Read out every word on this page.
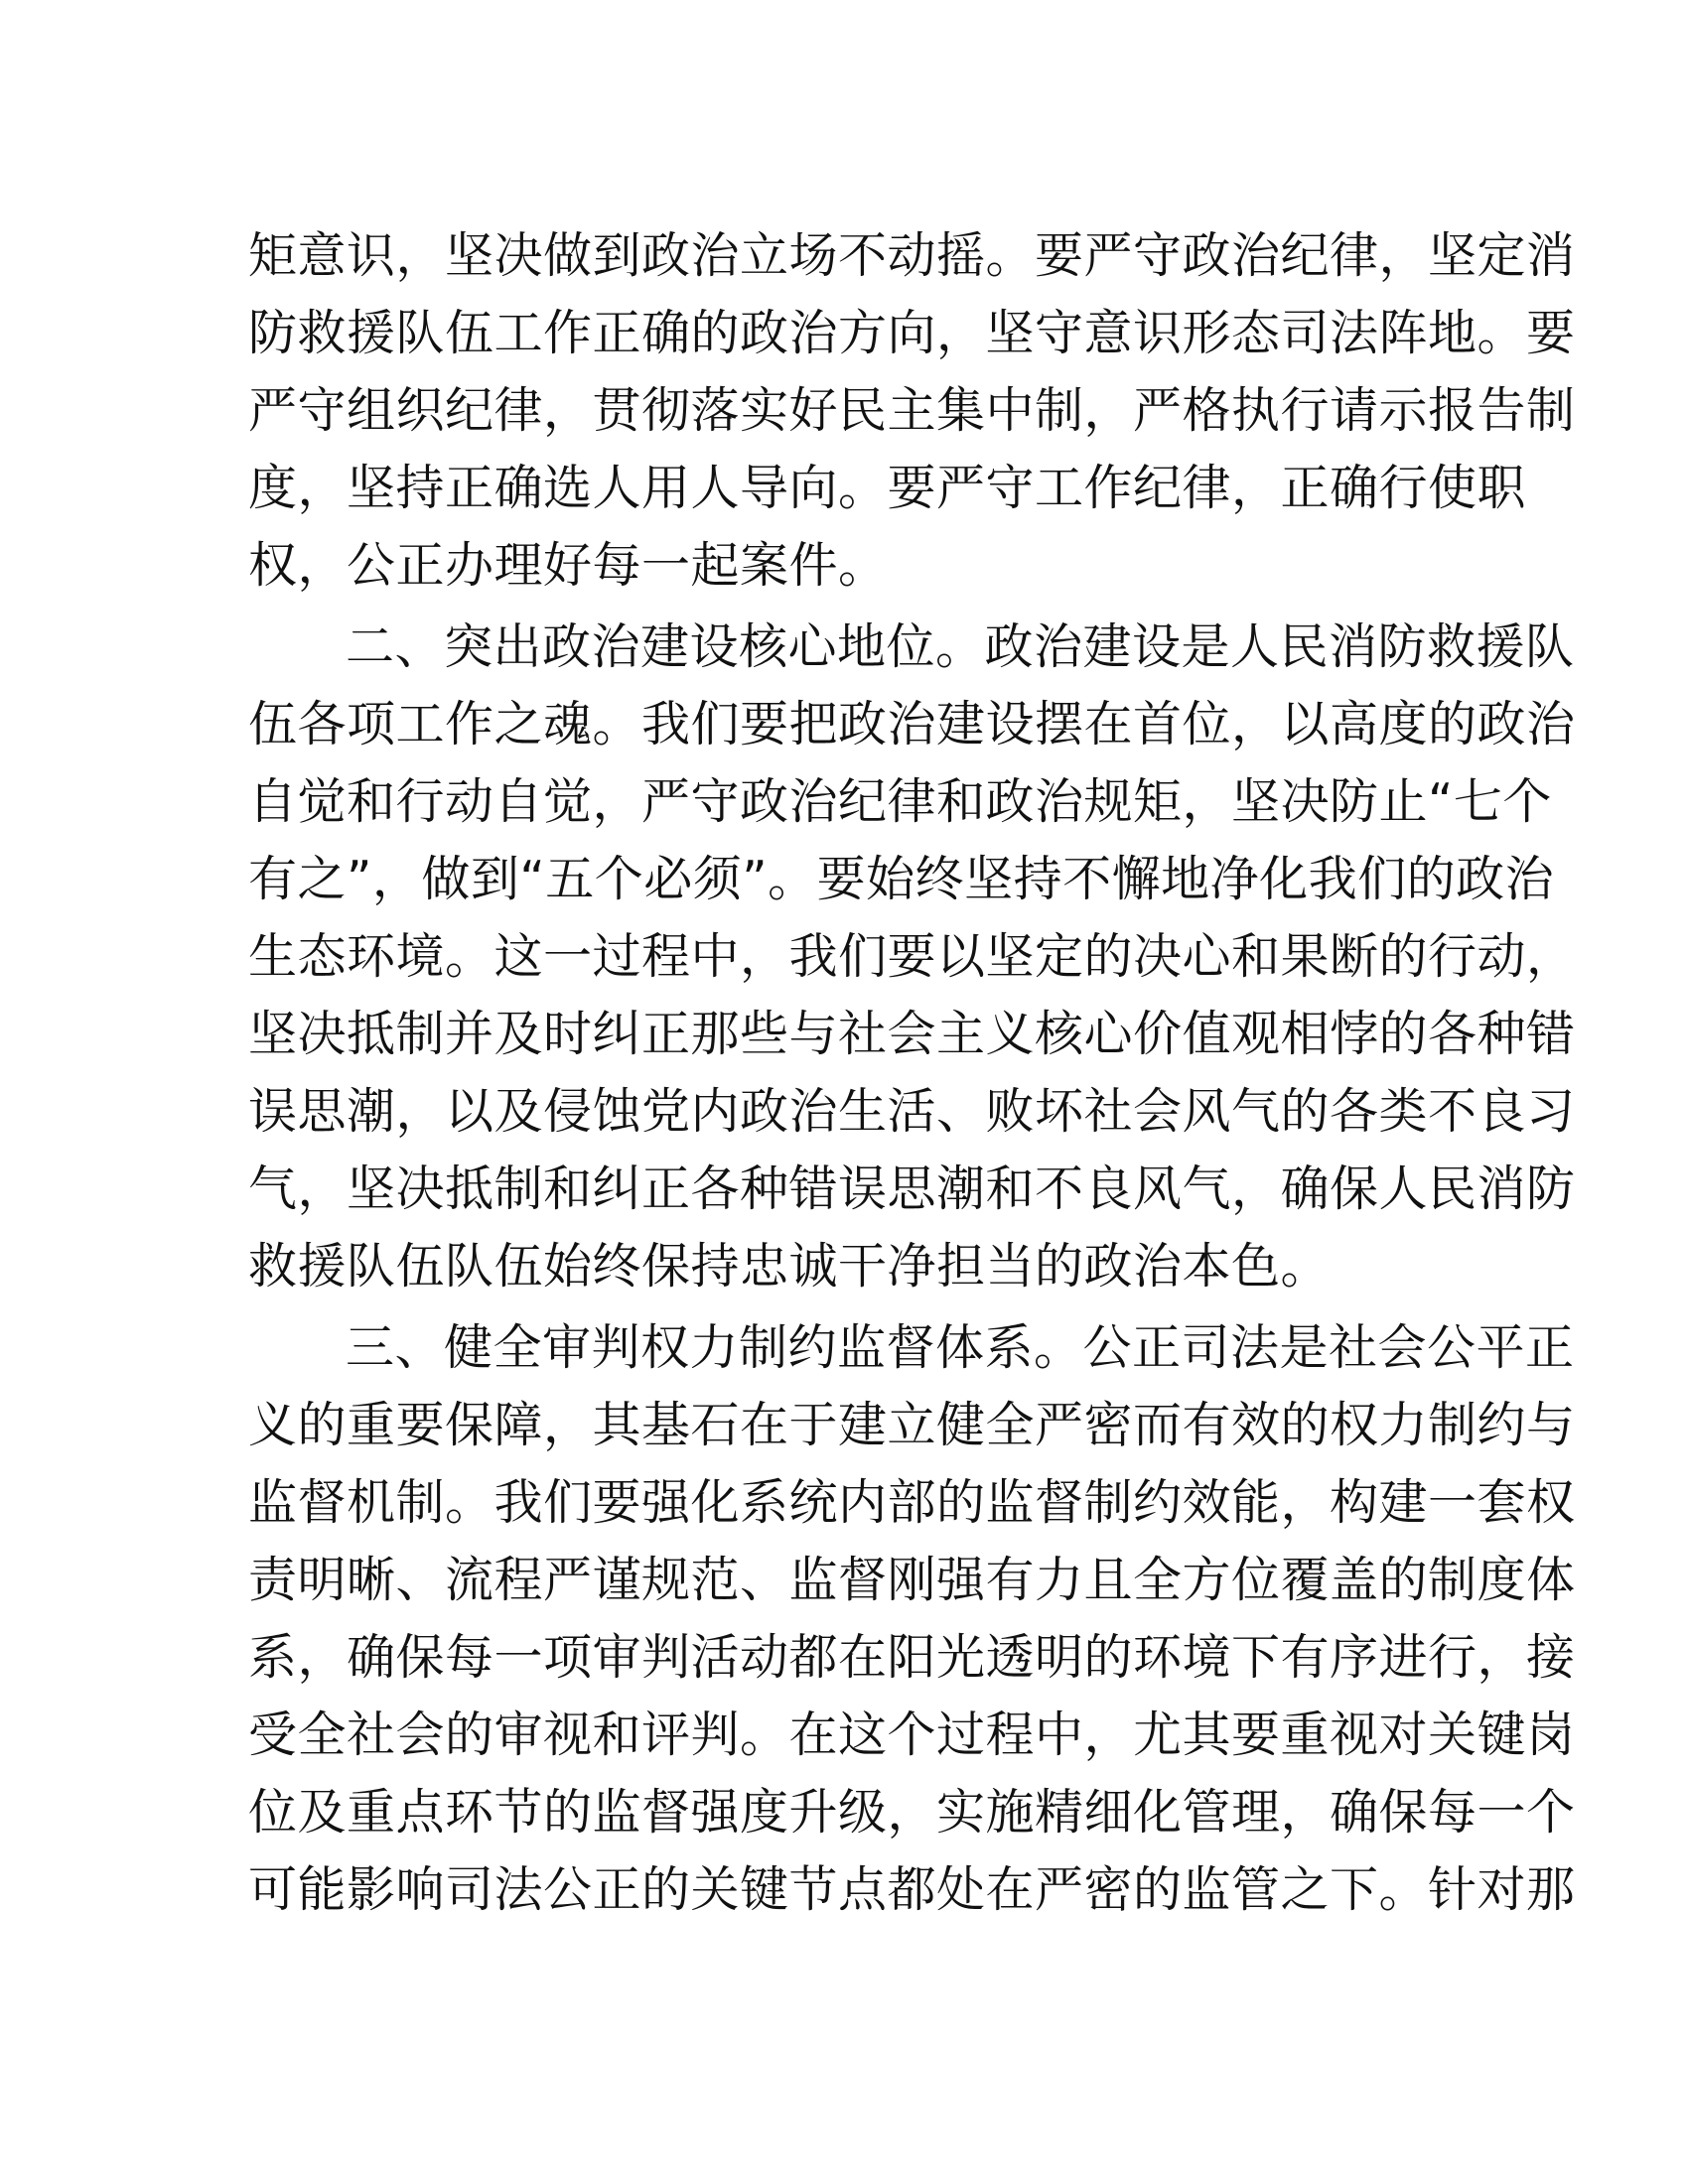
矩意识，坚决做到政治立场不动摇。要严守政治纪律，坚定消

防救援队伍工作正确的政治方向，坚守意识形态司法阵地。要

严守组织纪律，贯彻落实好民主集中制，严格执行请示报告制

度，坚持正确选人用人导向。要严守工作纪律，正确行使职

权，公正办理好每一起案件。

二、突出政治建设核心地位。政治建设是人民消防救援队

伍各项工作之魂。我们要把政治建设摆在首位，以高度的政治

自觉和行动自觉，严守政治纪律和政治规矩，坚决防止“七个

有之”，做到“五个必须”。要始终坚持不懈地净化我们的政治

生态环境。这一过程中，我们要以坚定的决心和果断的行动，

坚决抵制并及时纠正那些与社会主义核心价值观相悖的各种错

误思潮，以及侵蚀党内政治生活、败坏社会风气的各类不良习

气，坚决抵制和纠正各种错误思潮和不良风气，确保人民消防

救援队伍队伍始终保持忠诚干净担当的政治本色。

三、健全审判权力制约监督体系。公正司法是社会公平正

义的重要保障，其基石在于建立健全严密而有效的权力制约与

监督机制。我们要强化系统内部的监督制约效能，构建一套权

责明晰、流程严谨规范、监督刚强有力且全方位覆盖的制度体

系，确保每一项审判活动都在阳光透明的环境下有序进行，接

受全社会的审视和评判。在这个过程中，尤其要重视对关键岗

位及重点环节的监督强度升级，实施精细化管理，确保每一个

可能影响司法公正的关键节点都处在严密的监管之下。针对那
